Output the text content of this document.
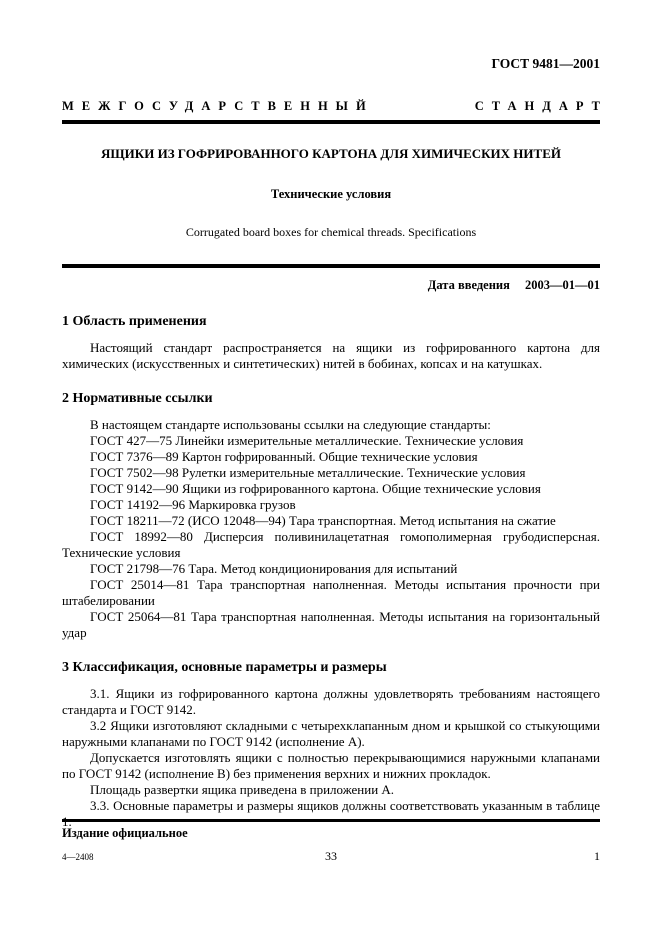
ГОСТ 9481—2001
МЕЖГОСУДАРСТВЕННЫЙ	СТАНДАРТ
ЯЩИКИ ИЗ ГОФРИРОВАННОГО КАРТОНА ДЛЯ ХИМИЧЕСКИХ НИТЕЙ
Технические условия
Corrugated board boxes for chemical threads. Specifications
Дата введения 2003—01—01
1 Область применения

Настоящий стандарт распространяется на ящики из гофрированного картона для химических (искусственных и синтетических) нитей в бобинах, копсах и на катушках.

2 Нормативные ссылки

В настоящем стандарте использованы ссылки на следующие стандарты:

ГОСТ 427—75 Линейки измерительные металлические. Технические условия

ГОСТ 7376—89 Картон гофрированный. Общие технические условия

ГОСТ 7502—98 Рулетки измерительные металлические. Технические условия

ГОСТ 9142—90 Ящики из гофрированного картона. Общие технические условия

ГОСТ 14192—96 Маркировка грузов

ГОСТ 18211—72 (ИСО 12048—94) Тара транспортная. Метод испытания на сжатие

ГОСТ 18992—80 Дисперсия поливинилацетатная гомополимерная грубодисперсная. Технические условия

ГОСТ 21798—76 Тара. Метод кондиционирования для испытаний

ГОСТ 25014—81 Тара транспортная наполненная. Методы испытания прочности при штабелировании

ГОСТ 25064—81 Тара транспортная наполненная. Методы испытания на горизонтальный удар

3 Классификация, основные параметры и размеры

3.1. Ящики из гофрированного картона должны удовлетворять требованиям настоящего стандарта и ГОСТ 9142.

3.2 Ящики изготовляют складными с четырехклапанным дном и крышкой со стыкующими наружными клапанами по ГОСТ 9142 (исполнение А).

Допускается изготовлять ящики с полностью перекрывающимися наружными клапанами по ГОСТ 9142 (исполнение В) без применения верхних и нижних прокладок.

Площадь развертки ящика приведена в приложении А.

3.3. Основные параметры и размеры ящиков должны соответствовать указанным в таблице 1.

Издание официальное
4—2408	33	1
